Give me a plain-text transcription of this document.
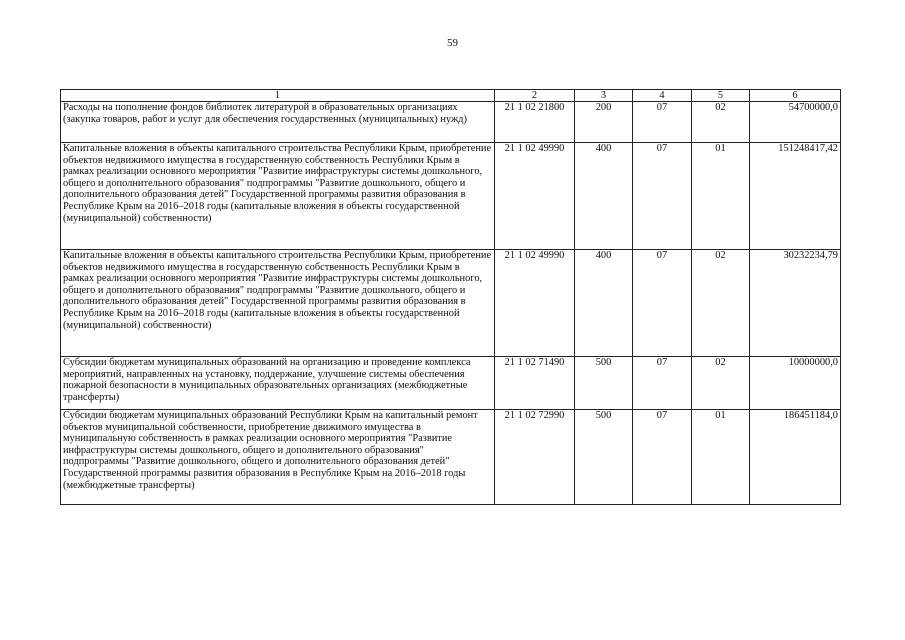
59
1	2	3	4	5	6
Расходы на пополнение фондов библиотек литературой в образовательных организациях (закупка товаров, работ и услуг для обеспечения государственных (муниципальных) нужд)	21 1 02 21800	200	07	02	54700000,0
Капитальные вложения в объекты капитального строительства Республики Крым, приобретение объектов недвижимого имущества в государственную собственность Республики Крым в рамках реализации основного мероприятия "Развитие инфраструктуры системы дошкольного, общего и дополнительного образования" подпрограммы "Развитие дошкольного, общего и дополнительного образования детей" Государственной программы развития образования в Республике Крым на 2016–2018 годы (капитальные вложения в объекты государственной (муниципальной) собственности)	21 1 02 49990	400	07	01	151248417,42
Капитальные вложения в объекты капитального строительства Республики Крым, приобретение объектов недвижимого имущества в государственную собственность Республики Крым в рамках реализации основного мероприятия "Развитие инфраструктуры системы дошкольного, общего и дополнительного образования" подпрограммы "Развитие дошкольного, общего и дополнительного образования детей" Государственной программы развития образования в Республике Крым на 2016–2018 годы (капитальные вложения в объекты государственной (муниципальной) собственности)	21 1 02 49990	400	07	02	30232234,79
Субсидии бюджетам муниципальных образований на организацию и проведение комплекса мероприятий, направленных на установку, поддержание, улучшение системы обеспечения пожарной безопасности в муниципальных образовательных организациях (межбюджетные трансферты)	21 1 02 71490	500	07	02	10000000,0
Субсидии бюджетам муниципальных образований Республики Крым на капитальный ремонт объектов муниципальной собственности, приобретение движимого имущества в муниципальную собственность в рамках реализации основного мероприятия "Развитие инфраструктуры системы дошкольного, общего и дополнительного образования" подпрограммы "Развитие дошкольного, общего и дополнительного образования детей" Государственной программы развития образования в Республике Крым на 2016–2018 годы (межбюджетные трансферты)	21 1 02 72990	500	07	01	186451184,0
